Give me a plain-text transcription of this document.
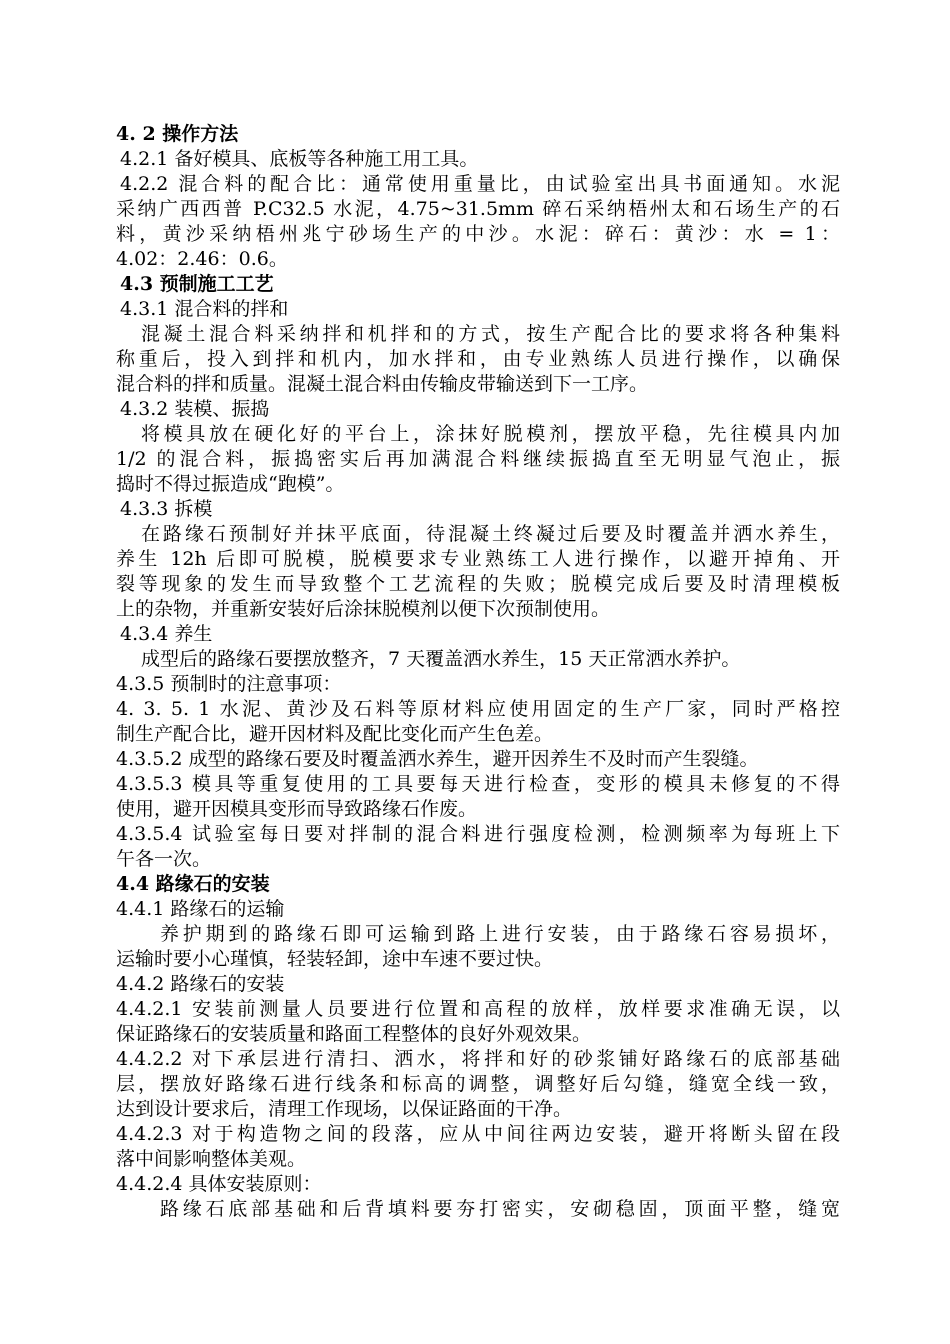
4. 2 操作方法
4.2.1 备好模具、底板等各种施工用工具。
4.2.2 混合料的配合比：通常使用重量比，由试验室出具书面通知。水泥
采纳广西西普 P.C32.5 水泥，4.75~31.5mm 碎石采纳梧州太和石场生产的石
料，黄沙采纳梧州兆宁砂场生产的中沙。水泥：碎石：黄沙：水 = 1：
4.02：2.46：0.6。
4.3 预制施工工艺
4.3.1 混合料的拌和
混凝土混合料采纳拌和机拌和的方式，按生产配合比的要求将各种集料
称重后，投入到拌和机内，加水拌和，由专业熟练人员进行操作，以确保
混合料的拌和质量。混凝土混合料由传输皮带输送到下一工序。
4.3.2 装模、振捣
将模具放在硬化好的平台上，涂抹好脱模剂，摆放平稳，先往模具内加
1/2 的混合料，振捣密实后再加满混合料继续振捣直至无明显气泡止，振
捣时不得过振造成“跑模”。
4.3.3 拆模
在路缘石预制好并抹平底面，待混凝土终凝过后要及时覆盖并洒水养生，
养生 12h 后即可脱模，脱模要求专业熟练工人进行操作，以避开掉角、开
裂等现象的发生而导致整个工艺流程的失败；脱模完成后要及时清理模板
上的杂物，并重新安装好后涂抹脱模剂以便下次预制使用。
4.3.4 养生
成型后的路缘石要摆放整齐，7 天覆盖洒水养生，15 天正常洒水养护。
4.3.5 预制时的注意事项：
4. 3. 5. 1 水泥、黄沙及石料等原材料应使用固定的生产厂家，同时严格控
制生产配合比，避开因材料及配比变化而产生色差。
4.3.5.2 成型的路缘石要及时覆盖洒水养生，避开因养生不及时而产生裂缝。
4.3.5.3 模具等重复使用的工具要每天进行检查，变形的模具未修复的不得
使用，避开因模具变形而导致路缘石作废。
4.3.5.4 试验室每日要对拌制的混合料进行强度检测，检测频率为每班上下
午各一次。
4.4 路缘石的安装
4.4.1 路缘石的运输
养护期到的路缘石即可运输到路上进行安装，由于路缘石容易损坏，
运输时要小心瑾慎，轻装轻卸，途中车速不要过快。
4.4.2 路缘石的安装
4.4.2.1 安装前测量人员要进行位置和高程的放样，放样要求准确无误，以
保证路缘石的安装质量和路面工程整体的良好外观效果。
4.4.2.2 对下承层进行清扫、洒水，将拌和好的砂浆铺好路缘石的底部基础
层，摆放好路缘石进行线条和标高的调整，调整好后勾缝，缝宽全线一致，
达到设计要求后，清理工作现场，以保证路面的干净。
4.4.2.3 对于构造物之间的段落，应从中间往两边安装，避开将断头留在段
落中间影响整体美观。
4.4.2.4 具体安装原则：
路缘石底部基础和后背填料要夯打密实，安砌稳固，顶面平整，缝宽
